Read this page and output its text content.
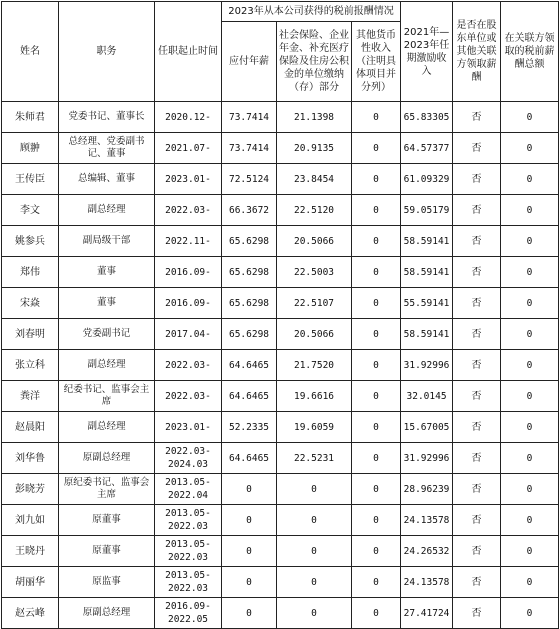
姓名	职务	任职起止时间	2023年从本公司获得的税前报酬情况			2021年—2023年任期激励收入	是否在股东单位或其他关联方领取薪酬	在关联方领取的税前薪酬总额
			应付年薪	社会保险、企业年金、补充医疗保险及住房公积金的单位缴纳（存）部分	其他货币性收入（注明具体项目并分列）			
朱师君	党委书记、董事长	2020.12-	73.7414	21.1398	0	65.83305	否	0
顾翀	总经理、党委副书记、董事	2021.07-	73.7414	20.9135	0	64.57377	否	0
王传臣	总编辑、董事	2023.01-	72.5124	23.8454	0	61.09329	否	0
李文	副总经理	2022.03-	66.3672	22.5120	0	59.05179	否	0
姚参兵	副局级干部	2022.11-	65.6298	20.5066	0	58.59141	否	0
郑伟	董事	2016.09-	65.6298	22.5003	0	58.59141	否	0
宋焱	董事	2016.09-	65.6298	22.5107	0	55.59141	否	0
刘春明	党委副书记	2017.04-	65.6298	20.5066	0	58.59141	否	0
张立科	副总经理	2022.03-	64.6465	21.7520	0	31.92996	否	0
粪洋	纪委书记、监事会主席	2022.03-	64.6465	19.6616	0	32.0145	否	0
赵晨阳	副总经理	2023.01-	52.2335	19.6059	0	15.67005	否	0
刘华鲁	原副总经理	2022.03-2024.03	64.6465	22.5231	0	31.92996	否	0
彭晓芳	原纪委书记、监事会主席	2013.05-2022.04	0	0	0	28.96239	否	0
刘九如	原董事	2013.05-2022.03	0	0	0	24.13578	否	0
王晓丹	原董事	2013.05-2022.03	0	0	0	24.26532	否	0
胡丽华	原监事	2013.05-2022.03	0	0	0	24.13578	否	0
赵云峰	原副总经理	2016.09-2022.05	0	0	0	27.41724	否	0
